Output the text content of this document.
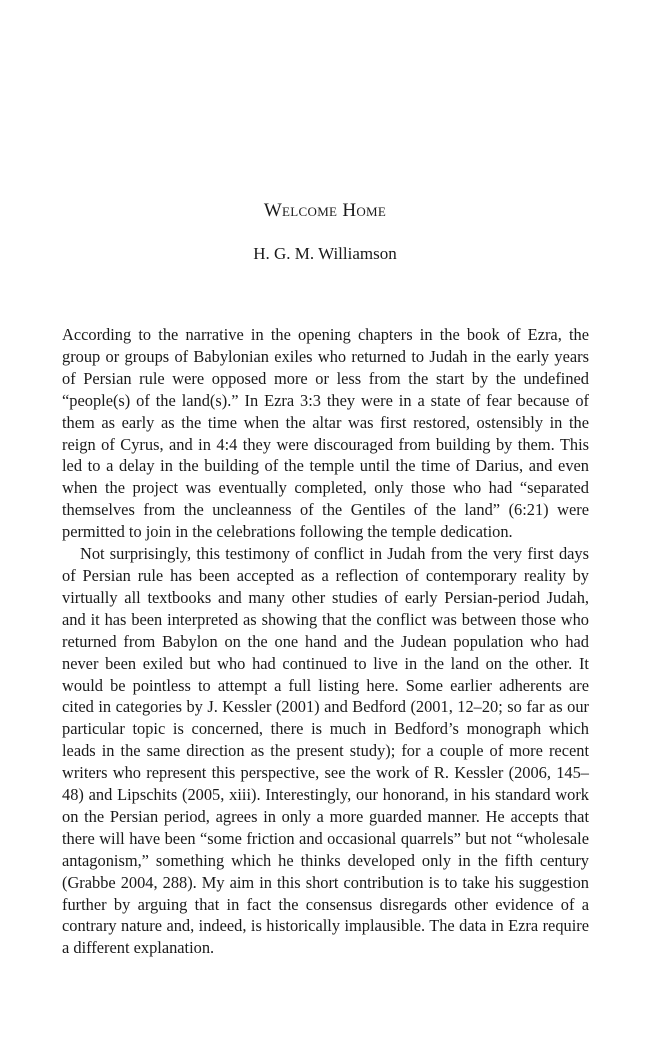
Welcome Home
H. G. M. Williamson

According to the narrative in the opening chapters in the book of Ezra, the group or groups of Babylonian exiles who returned to Judah in the early years of Persian rule were opposed more or less from the start by the undefined “people(s) of the land(s).” In Ezra 3:3 they were in a state of fear because of them as early as the time when the altar was first restored, ostensibly in the reign of Cyrus, and in 4:4 they were discouraged from building by them. This led to a delay in the building of the temple until the time of Darius, and even when the project was eventually completed, only those who had “separated themselves from the uncleanness of the Gentiles of the land” (6:21) were permitted to join in the celebrations following the temple dedication.

Not surprisingly, this testimony of conflict in Judah from the very first days of Persian rule has been accepted as a reflection of contemporary reality by virtually all textbooks and many other studies of early Persian-period Judah, and it has been interpreted as showing that the conflict was between those who returned from Babylon on the one hand and the Judean population who had never been exiled but who had continued to live in the land on the other. It would be pointless to attempt a full listing here. Some earlier adherents are cited in categories by J. Kessler (2001) and Bedford (2001, 12–20; so far as our particular topic is concerned, there is much in Bedford’s monograph which leads in the same direction as the present study); for a couple of more recent writers who represent this perspective, see the work of R. Kessler (2006, 145–48) and Lipschits (2005, xiii). Interestingly, our honorand, in his standard work on the Persian period, agrees in only a more guarded manner. He accepts that there will have been “some friction and occasional quarrels” but not “wholesale antagonism,” something which he thinks developed only in the fifth century (Grabbe 2004, 288). My aim in this short contribution is to take his suggestion further by arguing that in fact the consensus disregards other evidence of a contrary nature and, indeed, is historically implausible. The data in Ezra require a different explanation.
